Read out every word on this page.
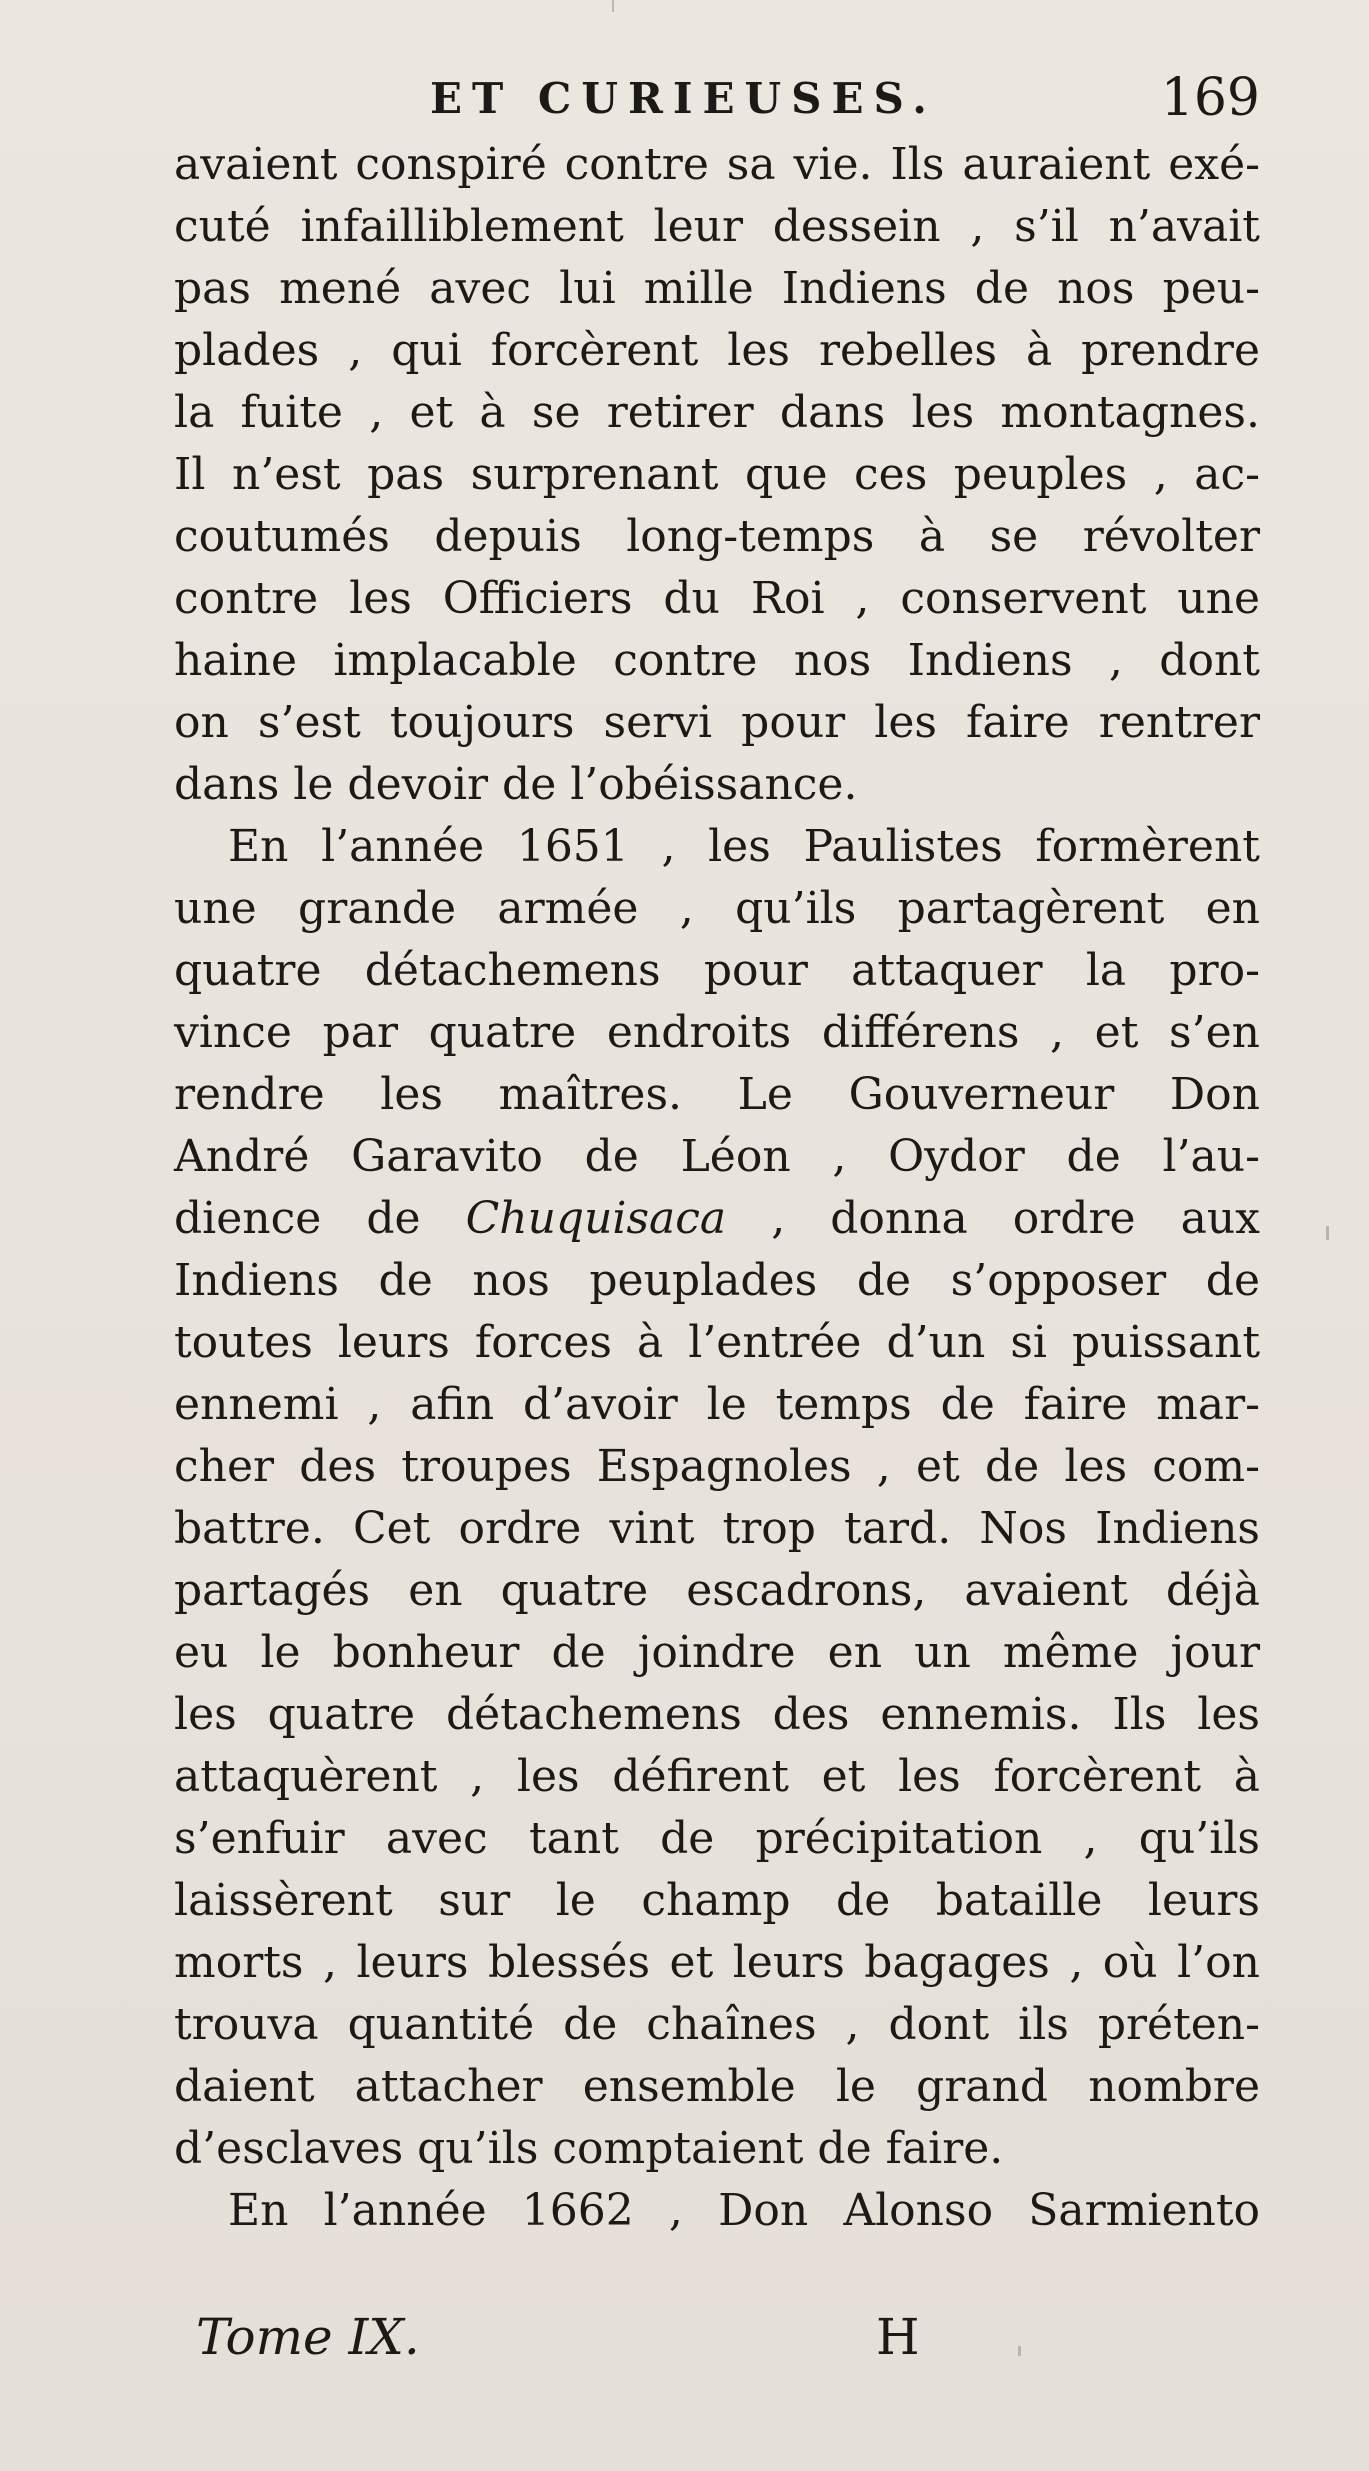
ET CURIEUSES.	169
avaient conspiré contre sa vie. Ils auraient exé-
cuté infailliblement leur dessein , s’il n’avait
pas mené avec lui mille Indiens de nos peu-
plades , qui forcèrent les rebelles à prendre
la fuite , et à se retirer dans les montagnes.
Il n’est pas surprenant que ces peuples , ac-
coutumés depuis long-temps à se révolter
contre les Officiers du Roi , conservent une
haine implacable contre nos Indiens , dont
on s’est toujours servi pour les faire rentrer
dans le devoir de l’obéissance.
En l’année 1651 , les Paulistes formèrent
une grande armée , qu’ils partagèrent en
quatre détachemens pour attaquer la pro-
vince par quatre endroits différens , et s’en
rendre les maîtres. Le Gouverneur Don
André Garavito de Léon , Oydor de l’au-
dience de Chuquisaca , donna ordre aux
Indiens de nos peuplades de s’opposer de
toutes leurs forces à l’entrée d’un si puissant
ennemi , afin d’avoir le temps de faire mar-
cher des troupes Espagnoles , et de les com-
battre. Cet ordre vint trop tard. Nos Indiens
partagés en quatre escadrons, avaient déjà
eu le bonheur de joindre en un même jour
les quatre détachemens des ennemis. Ils les
attaquèrent , les défirent et les forcèrent à
s’enfuir avec tant de précipitation , qu’ils
laissèrent sur le champ de bataille leurs
morts , leurs blessés et leurs bagages , où l’on
trouva quantité de chaînes , dont ils préten-
daient attacher ensemble le grand nombre
d’esclaves qu’ils comptaient de faire.
En l’année 1662 , Don Alonso Sarmiento
Tome IX.	H
